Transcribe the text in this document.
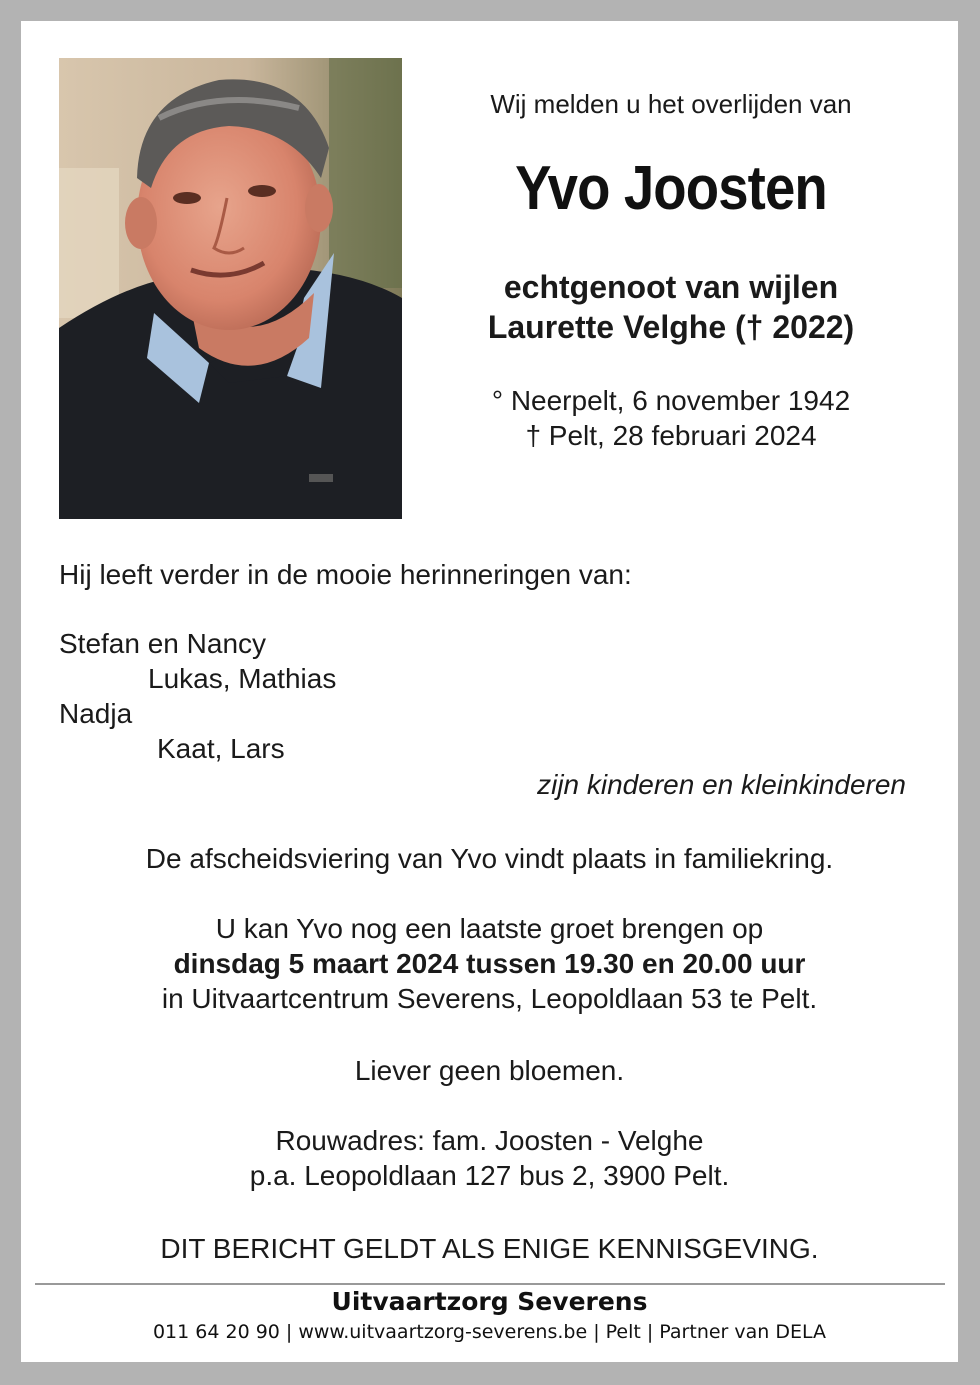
Wij melden u het overlijden van
Yvo Joosten
echtgenoot van wijlen
Laurette Velghe († 2022)
° Neerpelt, 6 november 1942
† Pelt, 28 februari 2024
Hij leeft verder in de mooie herinneringen van:
Stefan en Nancy
Lukas, Mathias
Nadja
Kaat, Lars
zijn kinderen en kleinkinderen
De afscheidsviering van Yvo vindt plaats in familiekring.
U kan Yvo nog een laatste groet brengen op
dinsdag 5 maart 2024 tussen 19.30 en 20.00 uur
in Uitvaartcentrum Severens, Leopoldlaan 53 te Pelt.
Liever geen bloemen.
Rouwadres: fam. Joosten - Velghe
p.a. Leopoldlaan 127 bus 2, 3900 Pelt.
DIT BERICHT GELDT ALS ENIGE KENNISGEVING.
Uitvaartzorg Severens
011 64 20 90 | www.uitvaartzorg-severens.be | Pelt | Partner van DELA
